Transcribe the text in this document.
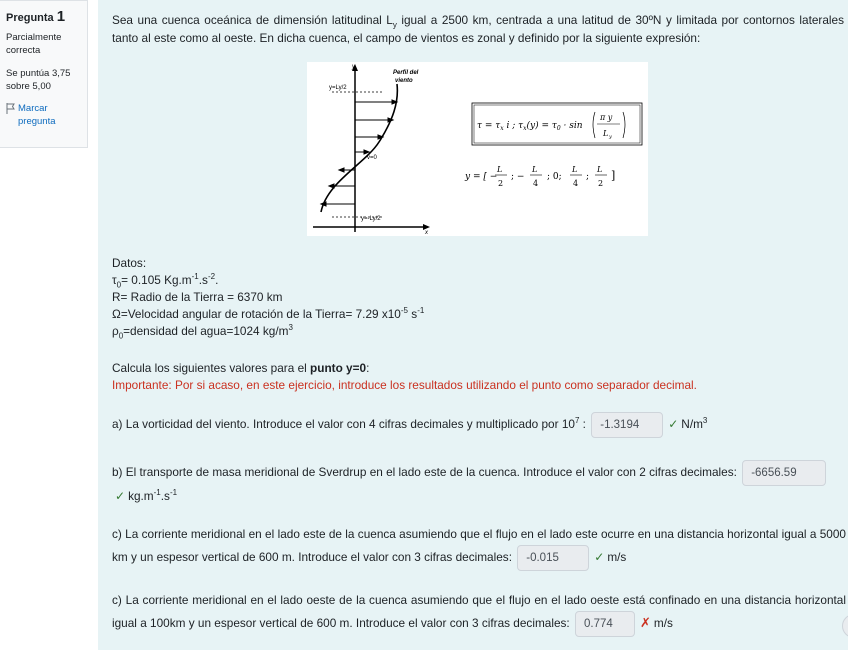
Pregunta 1
Parcialmente correcta
Se puntúa 3,75 sobre 5,00
Marcar pregunta
Sea una cuenca oceánica de dimensión latitudinal $L_y$ igual a 2500 km, centrada a una latitud de 30ºN y limitada por contornos laterales tanto al este como al oeste. En dicha cuenca, el campo de vientos es zonal y definido por la siguiente expresión:
y
x
y=Ly/2
v=0
y=-Ly/2
Perfil del
viento
$\tau = \tau_x$ i ; $\tau_x(y) = \tau_0 \cdot \sin$
π y
L y
y = [ −
L
2
; −
L
4
; 0;
L
4
;
L
2
]
Datos:
$\tau_0= 0.105$ $Kg.m^{-1}.s^{-2}$.
R= Radio de la Tierra = 6370 km
Ω=Velocidad angular de rotación de la Tierra= 7.29 $x10^{-5}$ $s^{-1}$
$\rho_0=densidad$ del agua=1024 $kg/m^3$
Calcula los siguientes valores para el punto y=0:
Importante: Por si acaso, en este ejercicio, introduce los resultados utilizando el punto como separador decimal.
a) La vorticidad del viento. Introduce el valor con 4 cifras decimales y multiplicado por $10^7$ : -1.3194 ✓ $N/m^3$
b) El transporte de masa meridional de Sverdrup en el lado este de la cuenca. Introduce el valor con 2 cifras decimales: -6656.59
✓ $kg.m^{-1}.s^{-1}$
c) La corriente meridional en el lado este de la cuenca asumiendo que el flujo en el lado este ocurre en una distancia horizontal igual a 5000 km y un espesor vertical de 600 m. Introduce el valor con 3 cifras decimales: -0.015	✓ m/s
c) La corriente meridional en el lado oeste de la cuenca asumiendo que el flujo en el lado oeste está confinado en una distancia horizontal igual a 100km y un espesor vertical de 600 m. Introduce el valor con 3 cifras decimales: 0.774 ✗ m/s
